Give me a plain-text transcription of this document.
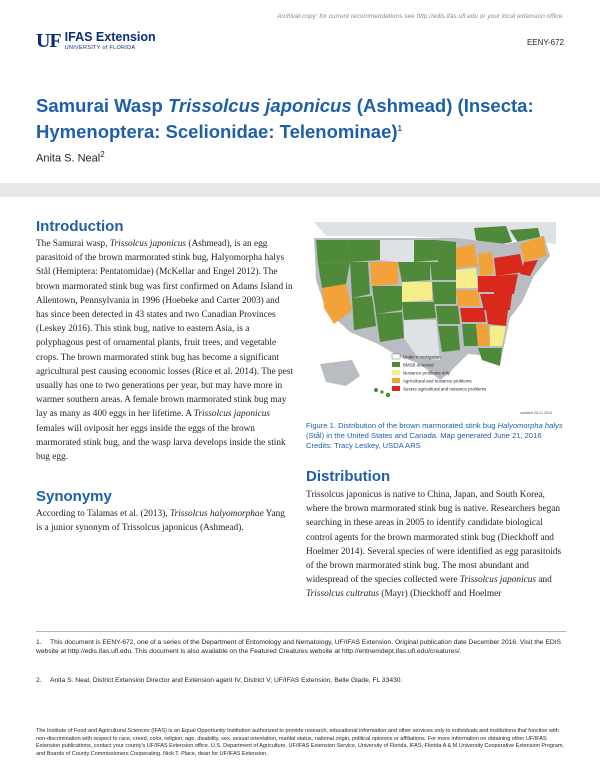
Archival copy: for current recommendations see http://edis.ifas.ufl.edu or your local extension office.
UF IFAS Extension
UNIVERSITY of FLORIDA
EENY-672
Samurai Wasp Trissolcus japonicus (Ashmead) (Insecta: Hymenoptera: Scelionidae: Telenominae)$^1$
Anita S. Neal$^2$
Introduction
The Samurai wasp, Trissolcus japonicus (Ashmead), is an egg parasitoid of the brown marmorated stink bug, Halyomorpha halys Stål (Hemiptera: Pentatomidae) (McKellar and Engel 2012). The brown marmorated stink bug was first confirmed on Adams Island in Allentown, Pennsylvania in 1996 (Hoebeke and Carter 2003) and has since been detected in 43 states and two Canadian Provinces (Leskey 2016). This stink bug, native to eastern Asia, is a polyphagous pest of ornamental plants, fruit trees, and vegetable crops. The brown marmorated stink bug has become a significant agricultural pest causing economic losses (Rice et al. 2014). The pest usually has one to two generations per year, but may have more in warmer southern areas. A female brown marmorated stink bug may lay as many as 400 eggs in her lifetime. A Trissolcus japonicus females will oviposit her eggs inside the eggs of the brown marmorated stink bug, and the wasp larva develops inside the stink bug egg.
Synonymy
According to Talamas et al. (2013), Trissolcus halyomorphae Yang is a junior synonym of Trissolcus japonicus (Ashmead).
Under investigation
BMSB detected
Nuisance problems only
Agricultural and nuisance problems
Severe agricultural and nuisance problems
updated 06.21.2016
Figure 1. Distribution of the brown marmorated stink bug Halyomorpha halys (Stål) in the United States and Canada. Map generated June 21, 2016
Credits: Tracy Leskey, USDA ARS
Distribution
Trissolcus japonicus is native to China, Japan, and South Korea, where the brown marmorated stink bug is native. Researchers began searching in these areas in 2005 to identify candidate biological control agents for the brown marmorated stink bug (Dieckhoff and Hoelmer 2014). Several species of were identified as egg parasitoids of the brown marmorated stink bug. The most abundant and widespread of the species collected were Trissolcus japonicus and Trissolcus cultratus (Mayr) (Dieckhoff and Hoelmer
1. This document is EENY-672, one of a series of the Department of Entomology and Nematology, UF/IFAS Extension. Original publication date December 2016. Visit the EDIS website at http://edis.ifas.ufl.edu. This document is also available on the Featured Creatures website at http://entnemdept.ifas.ufl.edu/creatures/.
2. Anita S. Neal, District Extension Director and Extension agent IV, District V; UF/IFAS Extension, Belle Glade, FL 33430.
The Institute of Food and Agricultural Sciences (IFAS) is an Equal Opportunity Institution authorized to provide research, educational information and other services only to individuals and institutions that function with non-discrimination with respect to race, creed, color, religion, age, disability, sex, sexual orientation, marital status, national origin, political opinions or affiliations. For more information on obtaining other UF/IFAS Extension publications, contact your county's UF/IFAS Extension office. U.S. Department of Agriculture, UF/IFAS Extension Service, University of Florida, IFAS, Florida A & M University Cooperative Extension Program, and Boards of County Commissioners Cooperating. Nick T. Place, dean for UF/IFAS Extension.
